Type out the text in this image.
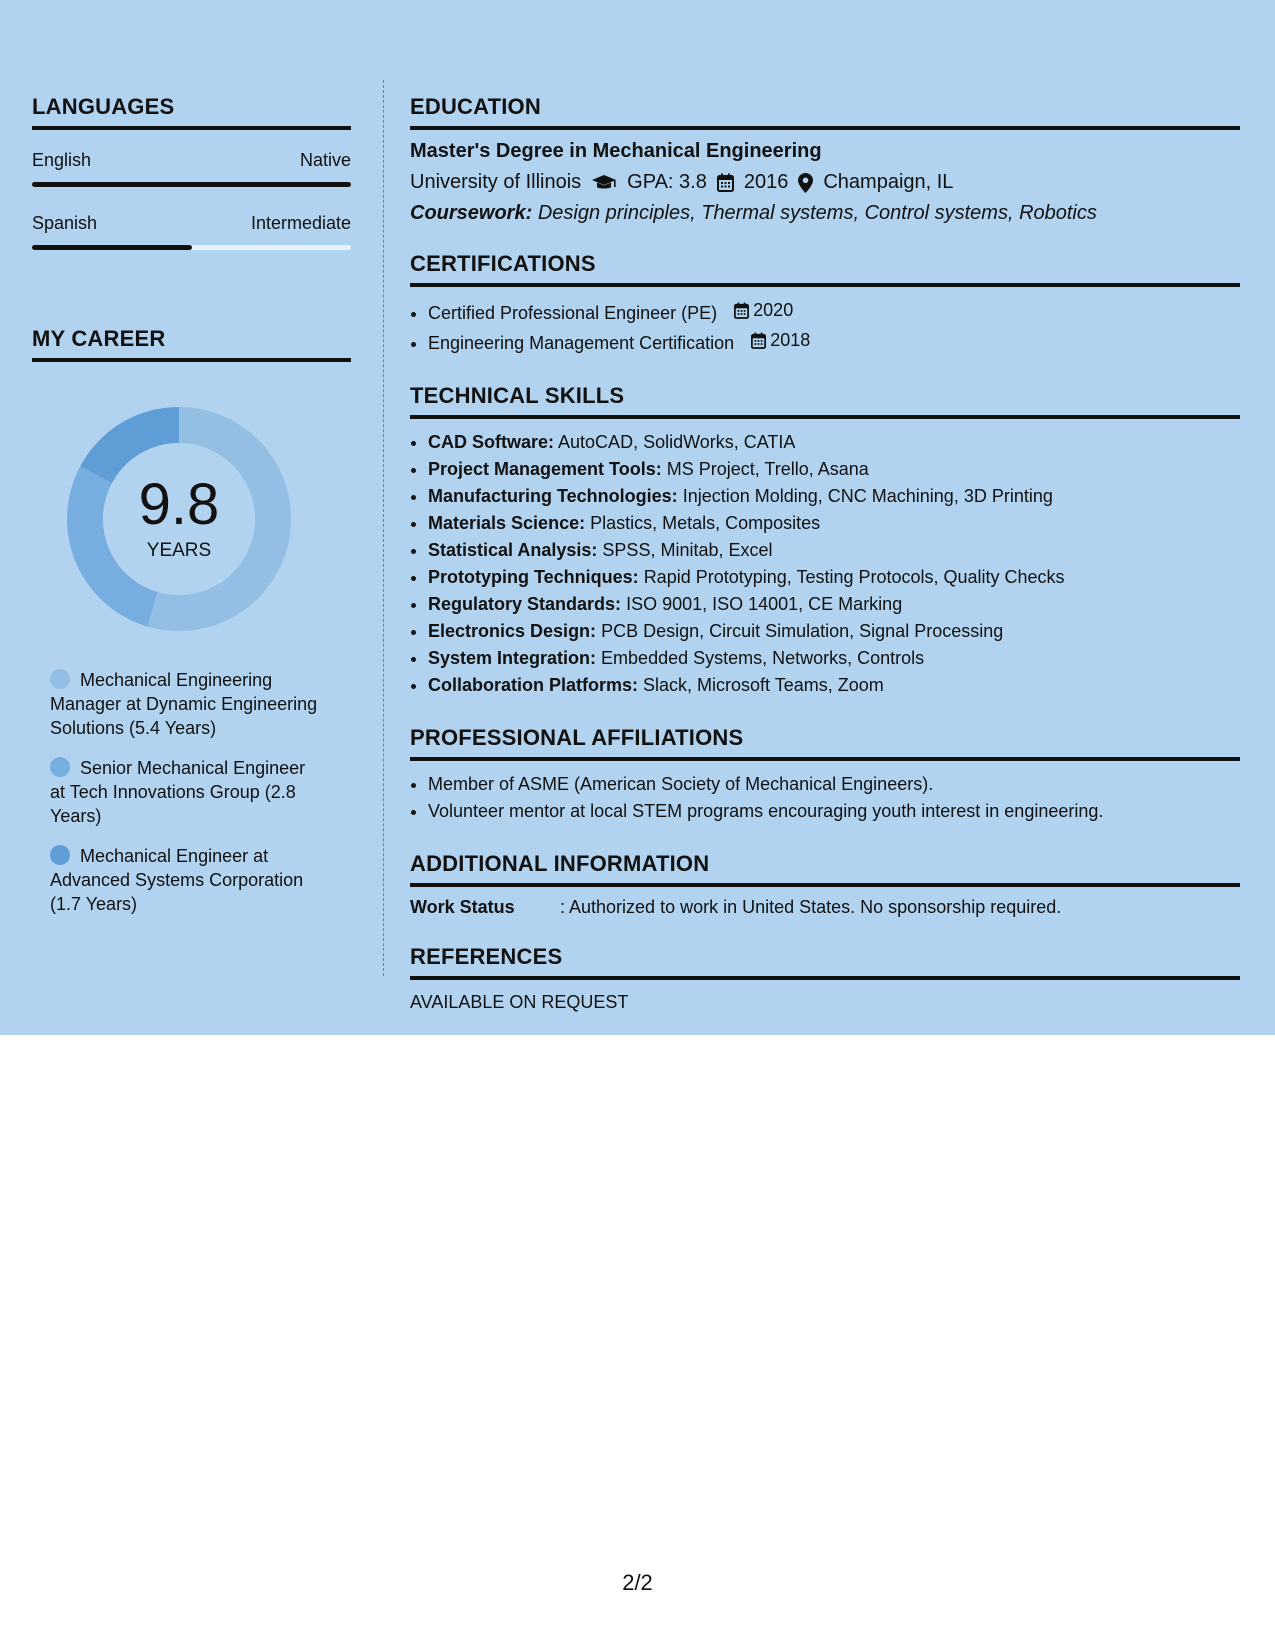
LANGUAGES
English	Native
Spanish	Intermediate
MY CAREER
9.8
YEARS
Mechanical Engineering Manager at Dynamic Engineering Solutions (5.4 Years)
Senior Mechanical Engineer at Tech Innovations Group (2.8 Years)
Mechanical Engineer at Advanced Systems Corporation (1.7 Years)
EDUCATION
Master's Degree in Mechanical Engineering
University of Illinois GPA: 3.8 2016 Champaign, IL
Coursework: Design principles, Thermal systems, Control systems, Robotics
CERTIFICATIONS
• Certified Professional Engineer (PE) 2020
• Engineering Management Certification 2018
TECHNICAL SKILLS
• CAD Software: AutoCAD, SolidWorks, CATIA
• Project Management Tools: MS Project, Trello, Asana
• Manufacturing Technologies: Injection Molding, CNC Machining, 3D Printing
• Materials Science: Plastics, Metals, Composites
• Statistical Analysis: SPSS, Minitab, Excel
• Prototyping Techniques: Rapid Prototyping, Testing Protocols, Quality Checks
• Regulatory Standards: ISO 9001, ISO 14001, CE Marking
• Electronics Design: PCB Design, Circuit Simulation, Signal Processing
• System Integration: Embedded Systems, Networks, Controls
• Collaboration Platforms: Slack, Microsoft Teams, Zoom
PROFESSIONAL AFFILIATIONS
• Member of ASME (American Society of Mechanical Engineers).
• Volunteer mentor at local STEM programs encouraging youth interest in engineering.
ADDITIONAL INFORMATION
Work Status	: Authorized to work in United States. No sponsorship required.
REFERENCES
AVAILABLE ON REQUEST
2/2
